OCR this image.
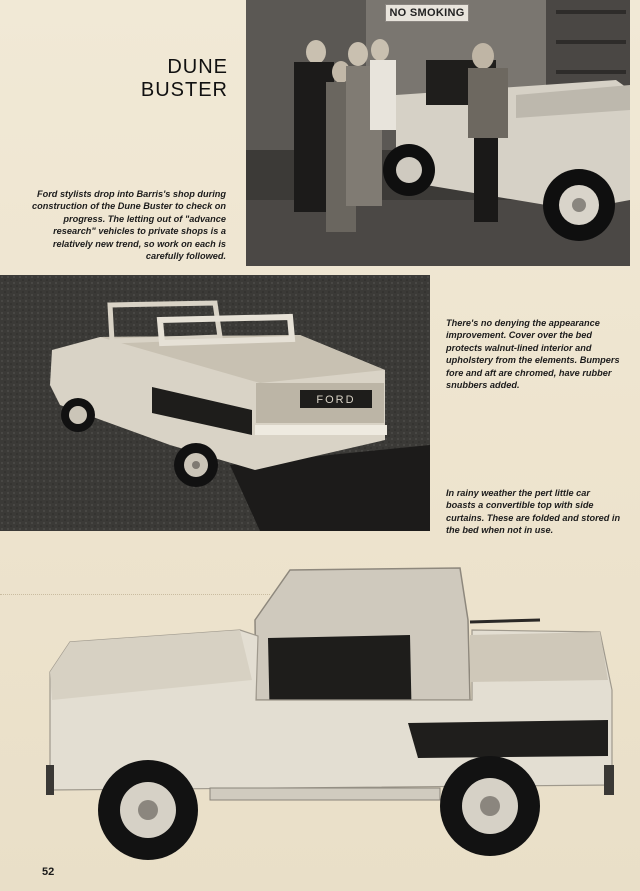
NO SMOKING
DUNE
BUSTER
Ford stylists drop into Barris's shop during construction of the Dune Buster to check on progress. The letting out of "advance research" vehicles to private shops is a relatively new trend, so work on each is carefully followed.
FORD
There's no denying the appearance improvement. Cover over the bed protects walnut-lined interior and upholstery from the elements. Bumpers fore and aft are chromed, have rubber snubbers added.
In rainy weather the pert little car boasts a convertible top with side curtains. These are folded and stored in the bed when not in use.
52
